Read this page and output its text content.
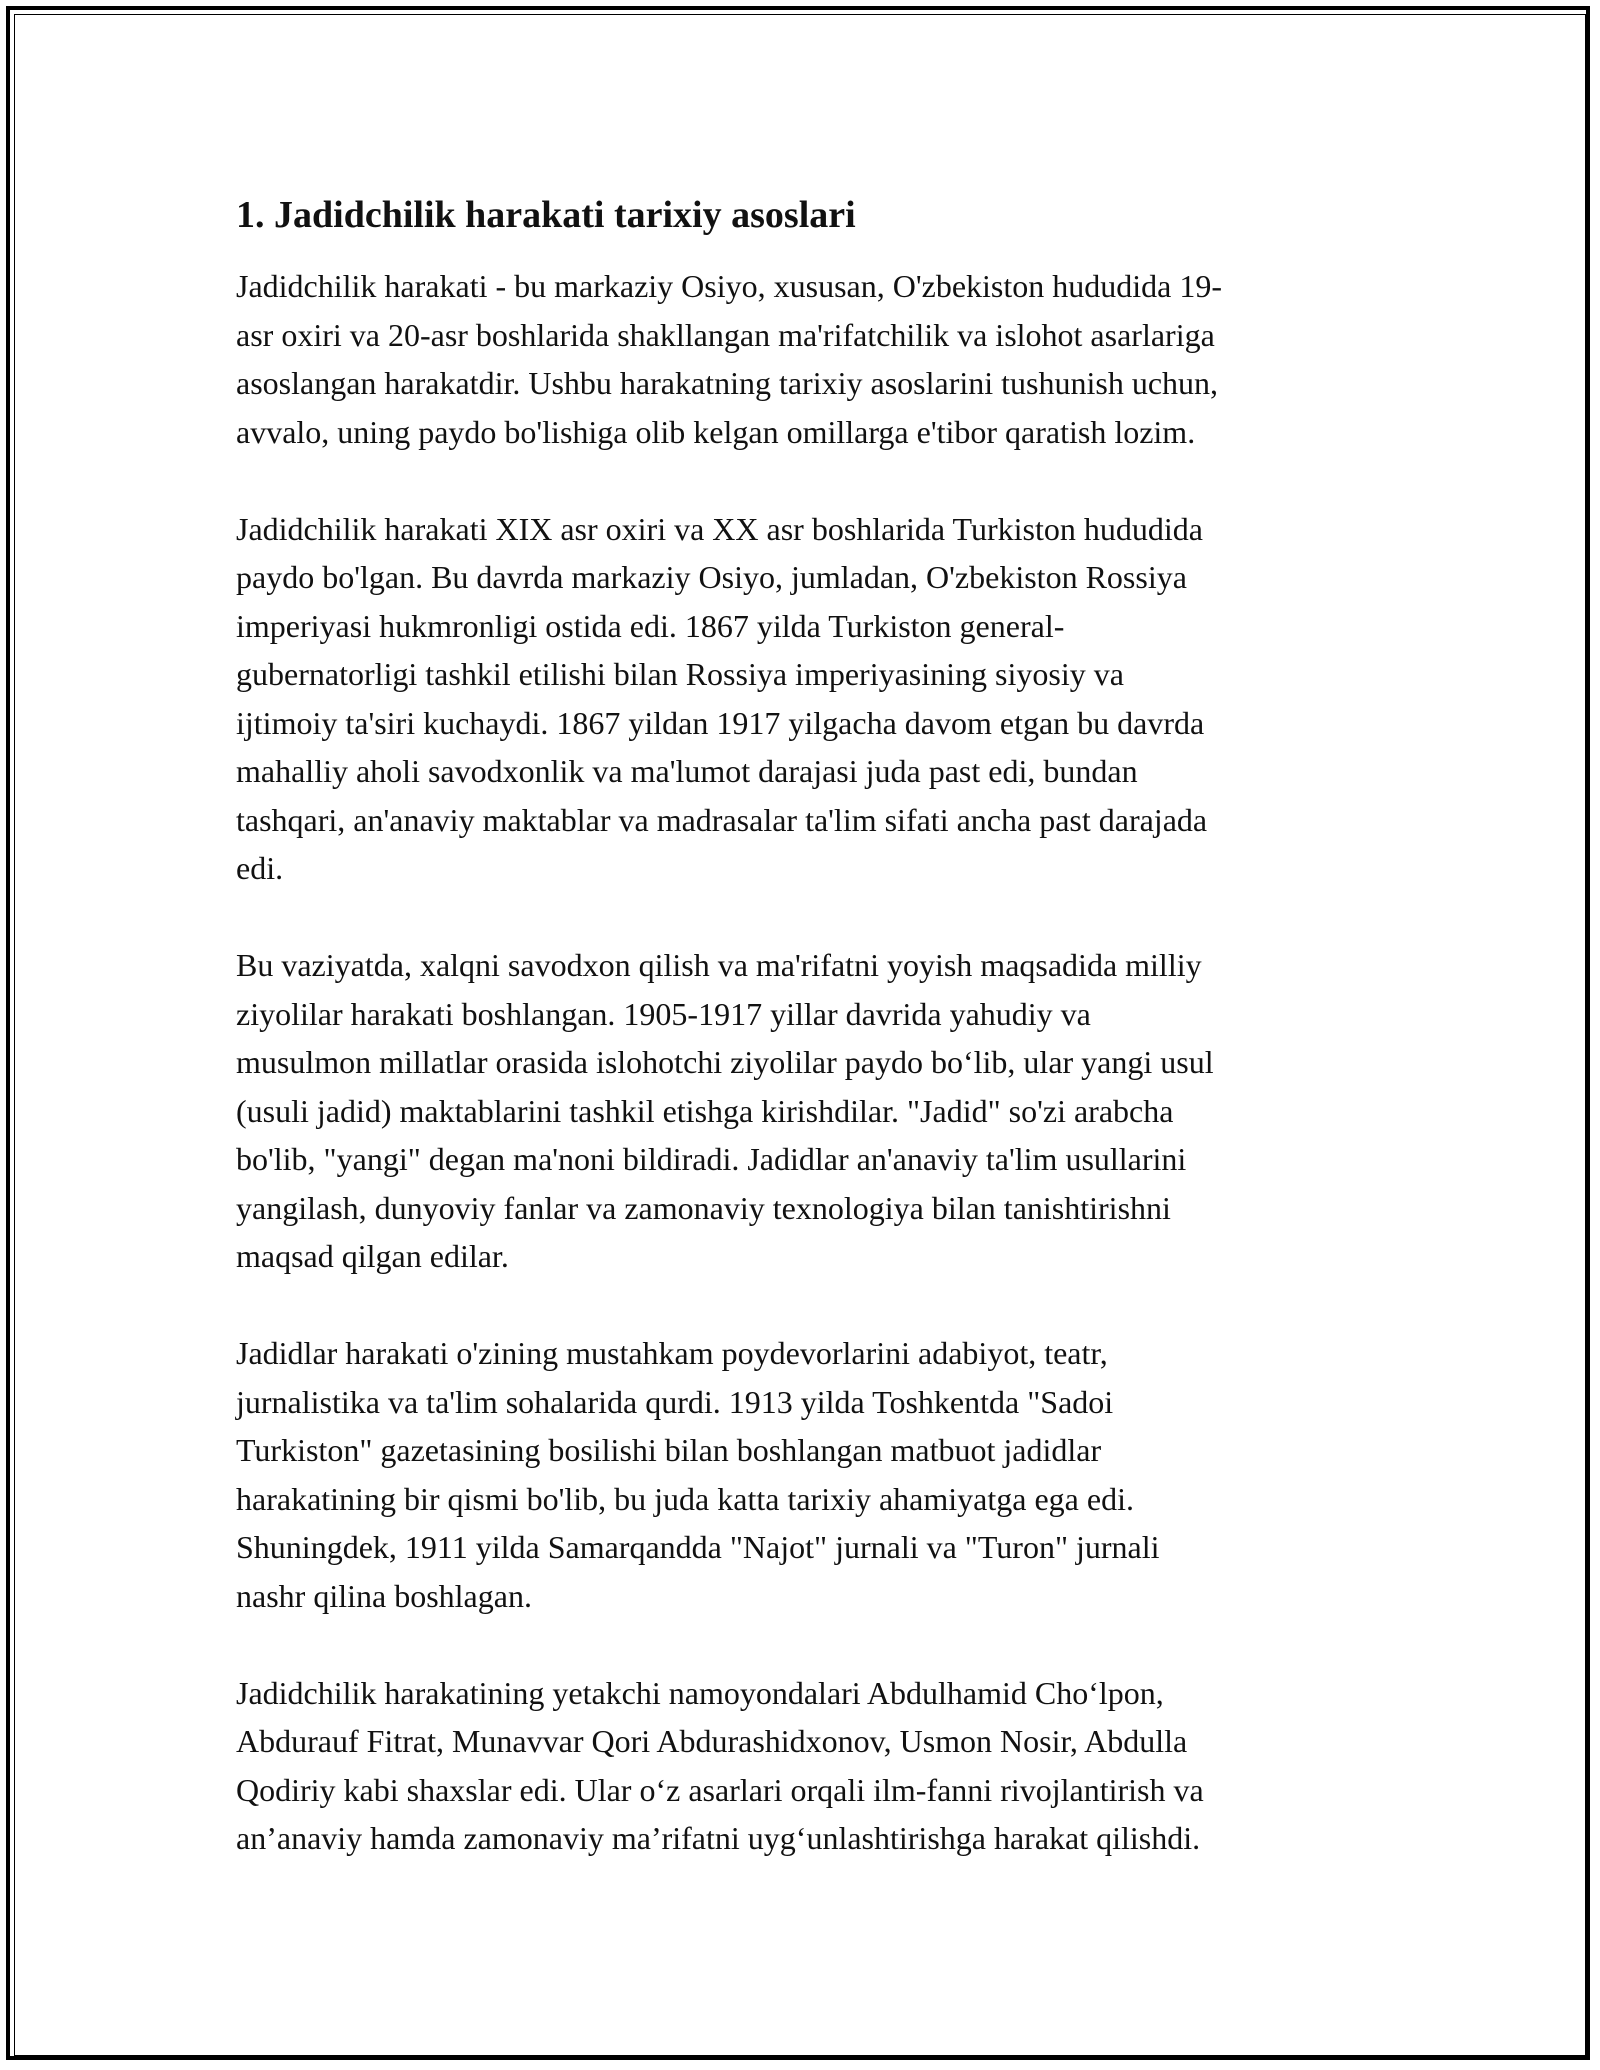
1. Jadidchilik harakati tarixiy asoslari
Jadidchilik harakati - bu markaziy Osiyo, xususan, O'zbekiston hududida 19-
asr oxiri va 20-asr boshlarida shakllangan ma'rifatchilik va islohot asarlariga
asoslangan harakatdir. Ushbu harakatning tarixiy asoslarini tushunish uchun,
avvalo, uning paydo bo'lishiga olib kelgan omillarga e'tibor qaratish lozim.
Jadidchilik harakati XIX asr oxiri va XX asr boshlarida Turkiston hududida
paydo bo'lgan. Bu davrda markaziy Osiyo, jumladan, O'zbekiston Rossiya
imperiyasi hukmronligi ostida edi. 1867 yilda Turkiston general-
gubernatorligi tashkil etilishi bilan Rossiya imperiyasining siyosiy va
ijtimoiy ta'siri kuchaydi. 1867 yildan 1917 yilgacha davom etgan bu davrda
mahalliy aholi savodxonlik va ma'lumot darajasi juda past edi, bundan
tashqari, an'anaviy maktablar va madrasalar ta'lim sifati ancha past darajada
edi.
Bu vaziyatda, xalqni savodxon qilish va ma'rifatni yoyish maqsadida milliy
ziyolilar harakati boshlangan. 1905-1917 yillar davrida yahudiy va
musulmon millatlar orasida islohotchi ziyolilar paydo bo‘lib, ular yangi usul
(usuli jadid) maktablarini tashkil etishga kirishdilar. "Jadid" so'zi arabcha
bo'lib, "yangi" degan ma'noni bildiradi. Jadidlar an'anaviy ta'lim usullarini
yangilash, dunyoviy fanlar va zamonaviy texnologiya bilan tanishtirishni
maqsad qilgan edilar.
Jadidlar harakati o'zining mustahkam poydevorlarini adabiyot, teatr,
jurnalistika va ta'lim sohalarida qurdi. 1913 yilda Toshkentda "Sadoi
Turkiston" gazetasining bosilishi bilan boshlangan matbuot jadidlar
harakatining bir qismi bo'lib, bu juda katta tarixiy ahamiyatga ega edi.
Shuningdek, 1911 yilda Samarqandda "Najot" jurnali va "Turon" jurnali
nashr qilina boshlagan.
Jadidchilik harakatining yetakchi namoyondalari Abdulhamid Cho‘lpon,
Abdurauf Fitrat, Munavvar Qori Abdurashidxonov, Usmon Nosir, Abdulla
Qodiriy kabi shaxslar edi. Ular o‘z asarlari orqali ilm-fanni rivojlantirish va
an’anaviy hamda zamonaviy ma’rifatni uyg‘unlashtirishga harakat qilishdi.
